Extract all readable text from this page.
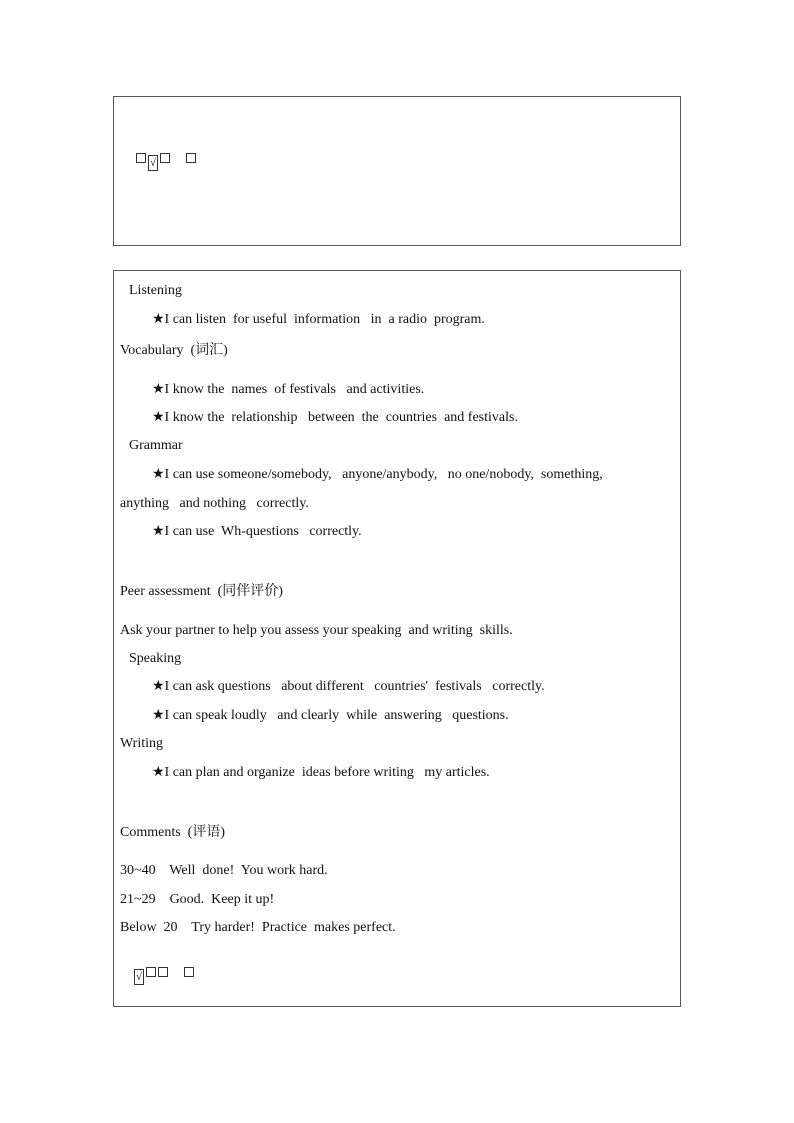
√

Listening
★I can listen  for useful  information   in  a radio  program.
Vocabulary  (词汇)
★I know the  names  of festivals   and activities.
★I know the  relationship   between  the  countries  and festivals.
Grammar
★I can use someone/somebody,   anyone/anybody,   no one/nobody,  something,
anything   and nothing   correctly.
★I can use  Wh-questions   correctly.
Peer assessment  (同伴评价)
Ask your partner to help you assess your speaking  and writing  skills.
Speaking
★I can ask questions   about different   countries'  festivals   correctly.
★I can speak loudly   and clearly  while  answering   questions.
Writing
★I can plan and organize  ideas before writing   my articles.
Comments  (评语)
30~40    Well  done!  You work hard.
21~29    Good.  Keep it up!
Below  20    Try harder!  Practice  makes perfect.

√
